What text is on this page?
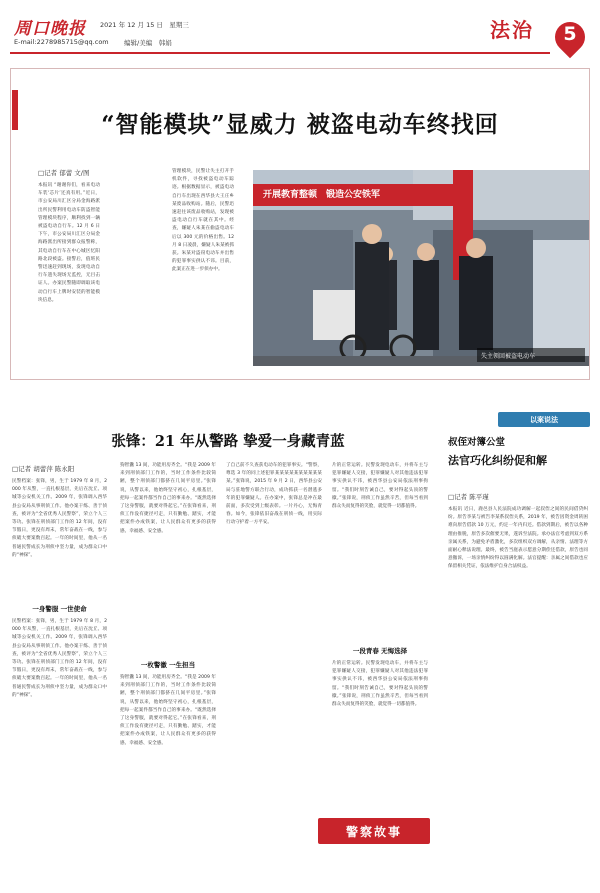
周口晚报 2021 年 12 月 15 日　星期三
E-mail:2278985715@qq.com 编辑/美编　韩娟
法治	5
“智能模块”显威力 被盗电动车终找回
□记者 郁蕾 文/图
本报讯 “谢谢你们，看来电动车装‘芯片’还真有用。”近日，市公安局川汇区分局金海路派出所民警利用电动车防盗智能管理模块程序，顺利找到一辆被盗电动自行车。12 月 6 日下午，市公安局川汇区分局金海路派出所接到群众报警称，其电动自行车在中心城区忆阳路北段被盗。接警后，值班民警迅速赶到现场，发现电动自行车遗失现场无监控，无目击证人。办案民警随即调取该电动自行车上牌时安装的智能模块信息。
管理模块，民警让失主打开手机软件，寻找被盗电动车踪迹。根据数据显示，被盗电动自行车出现在西华县大王庄乡某废品收购站。随后，民警迅速赶往该废品收购站，发现被盗电动自行车就在其中。经查，嫌疑人朱某在偷盗电动车后以 300 元的价格出售。12 月 8 日凌晨，嫌疑人朱某被抓获。朱某对盗窃电动车并出售的犯罪事实供认不讳。目前，此案正在进一步侦办中。
开展教育整顿　锻造公安铁军
失主领回被盗电动车
张锋：21 年从警路 挚爱一身藏青蓝
□记者 胡蕾萍 陈永阳
民警档案：张锋，男，生于 1979 年 8 月，2000 年从警，一直扎根基层，先后在沈丘、项城等公安机关工作。2009 年，张锋调入西华县公安局从事刑侦工作。他办案干练、善于侦查，被评为“全省优秀人民警察”，荣立个人三等功。张锋在刑侦部门工作的 12 年间，没有节假日，更没有周末，常年奋战在一线，参与侦破大要案数百起。一年的时间里，他从一名普通民警成长为刑侦中坚力量，成为群众口中的“神探”。
一身警服 一世使命
民警档案：张锋，男，生于 1979 年 8 月，2000 年从警，一直扎根基层，先后在沈丘、项城等公安机关工作。2009 年，张锋调入西华县公安局从事刑侦工作。他办案干练、善于侦查，被评为“全省优秀人民警察”，荣立个人三等功。张锋在刑侦部门工作的 12 年间，没有节假日，更没有周末，常年奋战在一线，参与侦破大要案数百起。一年的时间里，他从一名普通民警成长为刑侦中坚力量，成为群众口中的“神探”。
狗智囊 13 间，功能用房齐全。“我是 2009 年来到刑侦部门工作的，当时工作条件比较简陋，整个刑侦部门都挤在几间平房里。”张锋说，从警以来，他始终坚守初心，扎根基层，把每一起案件都当作自己的事来办。“既然选择了这身警服，就要对得起它。”在张锋看来，刑侦工作没有捷径可走，只有勤勉、踏实，才能把案件办成铁案，让人民群众有更多的获得感、幸福感、安全感。
一枚警徽 一生担当
狗智囊 13 间，功能用房齐全。“我是 2009 年来到刑侦部门工作的，当时工作条件比较简陋，整个刑侦部门都挤在几间平房里。”张锋说，从警以来，他始终坚守初心，扎根基层，把每一起案件都当作自己的事来办。“既然选择了这身警服，就要对得起它。”在张锋看来，刑侦工作没有捷径可走，只有勤勉、踏实，才能把案件办成铁案，让人民群众有更多的获得感、幸福感、安全感。
了自己前不久查获电动车的犯罪事实。“警察，尊选 3 年的同上述犯罪某某某某某某某某某某某。”张锋说，2015 年 9 月 2 日，西华县公安局与驻地警方联合行动，成功抓获一名潜逃多年的犯罪嫌疑人。在办案中，张锋总是冲在最前面，多次受到上级表彰。一片丹心，无悔青春。如今，张锋依旧奋战在刑侦一线，用实际行动守护着一方平安。
片的正常运转。民警发现电动车，并将车主与犯罪嫌疑人交接，犯罪嫌疑人对其他违法犯罪事实供认不讳，被西华县公安局依法刑事拘留。“我们时刻告诫自己，要对得起头顶的警徽。”张锋说，刑侦工作虽然辛苦，但每当看到群众失而复得的笑脸，就觉得一切都值得。
一段青春 无悔选择
片的正常运转。民警发现电动车，并将车主与犯罪嫌疑人交接，犯罪嫌疑人对其他违法犯罪事实供认不讳，被西华县公安局依法刑事拘留。“我们时刻告诫自己，要对得起头顶的警徽。”张锋说，刑侦工作虽然辛苦，但每当看到群众失而复得的笑脸，就觉得一切都值得。
警察故事
以案说法
叔侄对簿公堂
法官巧化纠纷促和解
□记者 陈平瑾
本报讯 近日，鹿邑县人民法院成功调解一起叔侄之间的民间借贷纠纷。原告李某与被告李某系叔侄关系，2019 年，被告因资金周转困难向原告借款 10 万元，约定一年内归还。借款到期后，被告以各种理由推脱，原告多次催要无果，遂诉至法院。承办法官考虑到双方系亲属关系，为避免矛盾激化，多次组织双方调解，从亲情、法理等方面耐心释法说理。最终，被告当庭表示愿意分期偿还借款，原告也同意撤诉，一场亲情纠纷得以圆满化解。法官提醒：亲属之间借款也应保留相关凭证，依法维护自身合法权益。
